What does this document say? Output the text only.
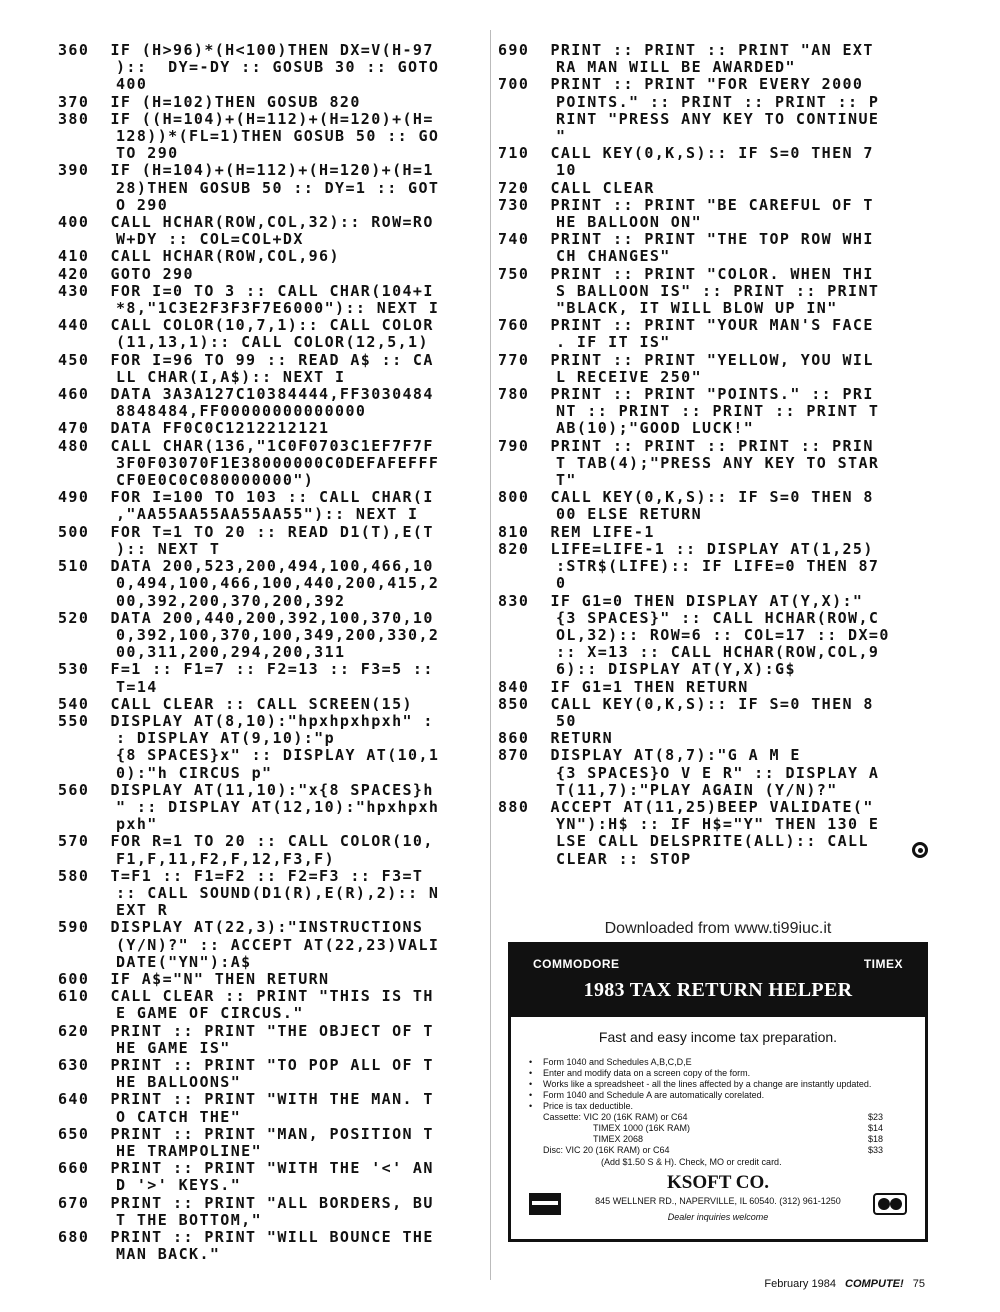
360 IF (H>96)*(H<100)THEN DX=V(H-97
)::  DY=-DY :: GOSUB 30 :: GOTO
400
370 IF (H=102)THEN GOSUB 820
380 IF ((H=104)+(H=112)+(H=120)+(H=
128))*(FL=1)THEN GOSUB 50 :: GO
TO 290
390 IF (H=104)+(H=112)+(H=120)+(H=1
28)THEN GOSUB 50 :: DY=1 :: GOT
O 290
400 CALL HCHAR(ROW,COL,32):: ROW=RO
W+DY :: COL=COL+DX
410 CALL HCHAR(ROW,COL,96)
420 GOTO 290
430 FOR I=0 TO 3 :: CALL CHAR(104+I
*8,"1C3E2F3F3F7E6000"):: NEXT I
440 CALL COLOR(10,7,1):: CALL COLOR
(11,13,1):: CALL COLOR(12,5,1)
450 FOR I=96 TO 99 :: READ A$ :: CA
LL CHAR(I,A$):: NEXT I
460 DATA 3A3A127C10384444,FF3030484
8848484,FF00000000000000
470 DATA FF0C0C1212212121
480 CALL CHAR(136,"1C0F0703C1EF7F7F
3F0F03070F1E38000000C0DEFAFEFFF
CF0E0C0C080000000")
490 FOR I=100 TO 103 :: CALL CHAR(I
,"AA55AA55AA55AA55"):: NEXT I
500 FOR T=1 TO 20 :: READ D1(T),E(T
):: NEXT T
510 DATA 200,523,200,494,100,466,10
0,494,100,466,100,440,200,415,2
00,392,200,370,200,392
520 DATA 200,440,200,392,100,370,10
0,392,100,370,100,349,200,330,2
00,311,200,294,200,311
530 F=1 :: F1=7 :: F2=13 :: F3=5 ::
T=14
540 CALL CLEAR :: CALL SCREEN(15)
550 DISPLAY AT(8,10):"hpxhpxhpxh" :
: DISPLAY AT(9,10):"p
{8 SPACES}x" :: DISPLAY AT(10,1
0):"h CIRCUS p"
560 DISPLAY AT(11,10):"x{8 SPACES}h
" :: DISPLAY AT(12,10):"hpxhpxh
pxh"
570 FOR R=1 TO 20 :: CALL COLOR(10,
F1,F,11,F2,F,12,F3,F)
580 T=F1 :: F1=F2 :: F2=F3 :: F3=T
:: CALL SOUND(D1(R),E(R),2):: N
EXT R
590 DISPLAY AT(22,3):"INSTRUCTIONS
(Y/N)?" :: ACCEPT AT(22,23)VALI
DATE("YN"):A$
600 IF A$="N" THEN RETURN
610 CALL CLEAR :: PRINT "THIS IS TH
E GAME OF CIRCUS."
620 PRINT :: PRINT "THE OBJECT OF T
HE GAME IS"
630 PRINT :: PRINT "TO POP ALL OF T
HE BALLOONS"
640 PRINT :: PRINT "WITH THE MAN. T
O CATCH THE"
650 PRINT :: PRINT "MAN, POSITION T
HE TRAMPOLINE"
660 PRINT :: PRINT "WITH THE '<' AN
D '>' KEYS."
670 PRINT :: PRINT "ALL BORDERS, BU
T THE BOTTOM,"
680 PRINT :: PRINT "WILL BOUNCE THE
MAN BACK."
690 PRINT :: PRINT :: PRINT "AN EXT
RA MAN WILL BE AWARDED"
700 PRINT :: PRINT "FOR EVERY 2000
POINTS." :: PRINT :: PRINT :: P
RINT "PRESS ANY KEY TO CONTINUE
"
710 CALL KEY(0,K,S):: IF S=0 THEN 7
10
720 CALL CLEAR
730 PRINT :: PRINT "BE CAREFUL OF T
HE BALLOON ON"
740 PRINT :: PRINT "THE TOP ROW WHI
CH CHANGES"
750 PRINT :: PRINT "COLOR. WHEN THI
S BALLOON IS" :: PRINT :: PRINT
"BLACK, IT WILL BLOW UP IN"
760 PRINT :: PRINT "YOUR MAN'S FACE
. IF IT IS"
770 PRINT :: PRINT "YELLOW, YOU WIL
L RECEIVE 250"
780 PRINT :: PRINT "POINTS." :: PRI
NT :: PRINT :: PRINT :: PRINT T
AB(10);"GOOD LUCK!"
790 PRINT :: PRINT :: PRINT :: PRIN
T TAB(4);"PRESS ANY KEY TO STAR
T"
800 CALL KEY(0,K,S):: IF S=0 THEN 8
00 ELSE RETURN
810 REM LIFE-1
820 LIFE=LIFE-1 :: DISPLAY AT(1,25)
:STR$(LIFE):: IF LIFE=0 THEN 87
0
830 IF G1=0 THEN DISPLAY AT(Y,X):"
{3 SPACES}" :: CALL HCHAR(ROW,C
OL,32):: ROW=6 :: COL=17 :: DX=0
:: X=13 :: CALL HCHAR(ROW,COL,9
6):: DISPLAY AT(Y,X):G$
840 IF G1=1 THEN RETURN
850 CALL KEY(0,K,S):: IF S=0 THEN 8
50
860 RETURN
870 DISPLAY AT(8,7):"G A M E
{3 SPACES}O V E R" :: DISPLAY A
T(11,7):"PLAY AGAIN (Y/N)?"
880 ACCEPT AT(11,25)BEEP VALIDATE("
YN"):H$ :: IF H$="Y" THEN 130 E
LSE CALL DELSPRITE(ALL):: CALL
CLEAR :: STOP
Downloaded from www.ti99iuc.it
COMMODORE	TIMEX
1983 TAX RETURN HELPER
Fast and easy income tax preparation.
• Form 1040 and Schedules A,B,C,D,E
• Enter and modify data on a screen copy of the form.
• Works like a spreadsheet - all the lines affected by a change are instantly updated.
• Form 1040 and Schedule A are automatically corelated.
• Price is tax deductible.
Cassette: VIC 20 (16K RAM) or C64	$23
TIMEX 1000 (16K RAM)	$14
TIMEX 2068	$18
Disc: VIC 20 (16K RAM) or C64	$33
(Add $1.50 S & H). Check, MO or credit card.
KSOFT CO.
845 WELLNER RD., NAPERVILLE, IL 60540. (312) 961-1250
Dealer inquiries welcome
February 1984 COMPUTE! 75
